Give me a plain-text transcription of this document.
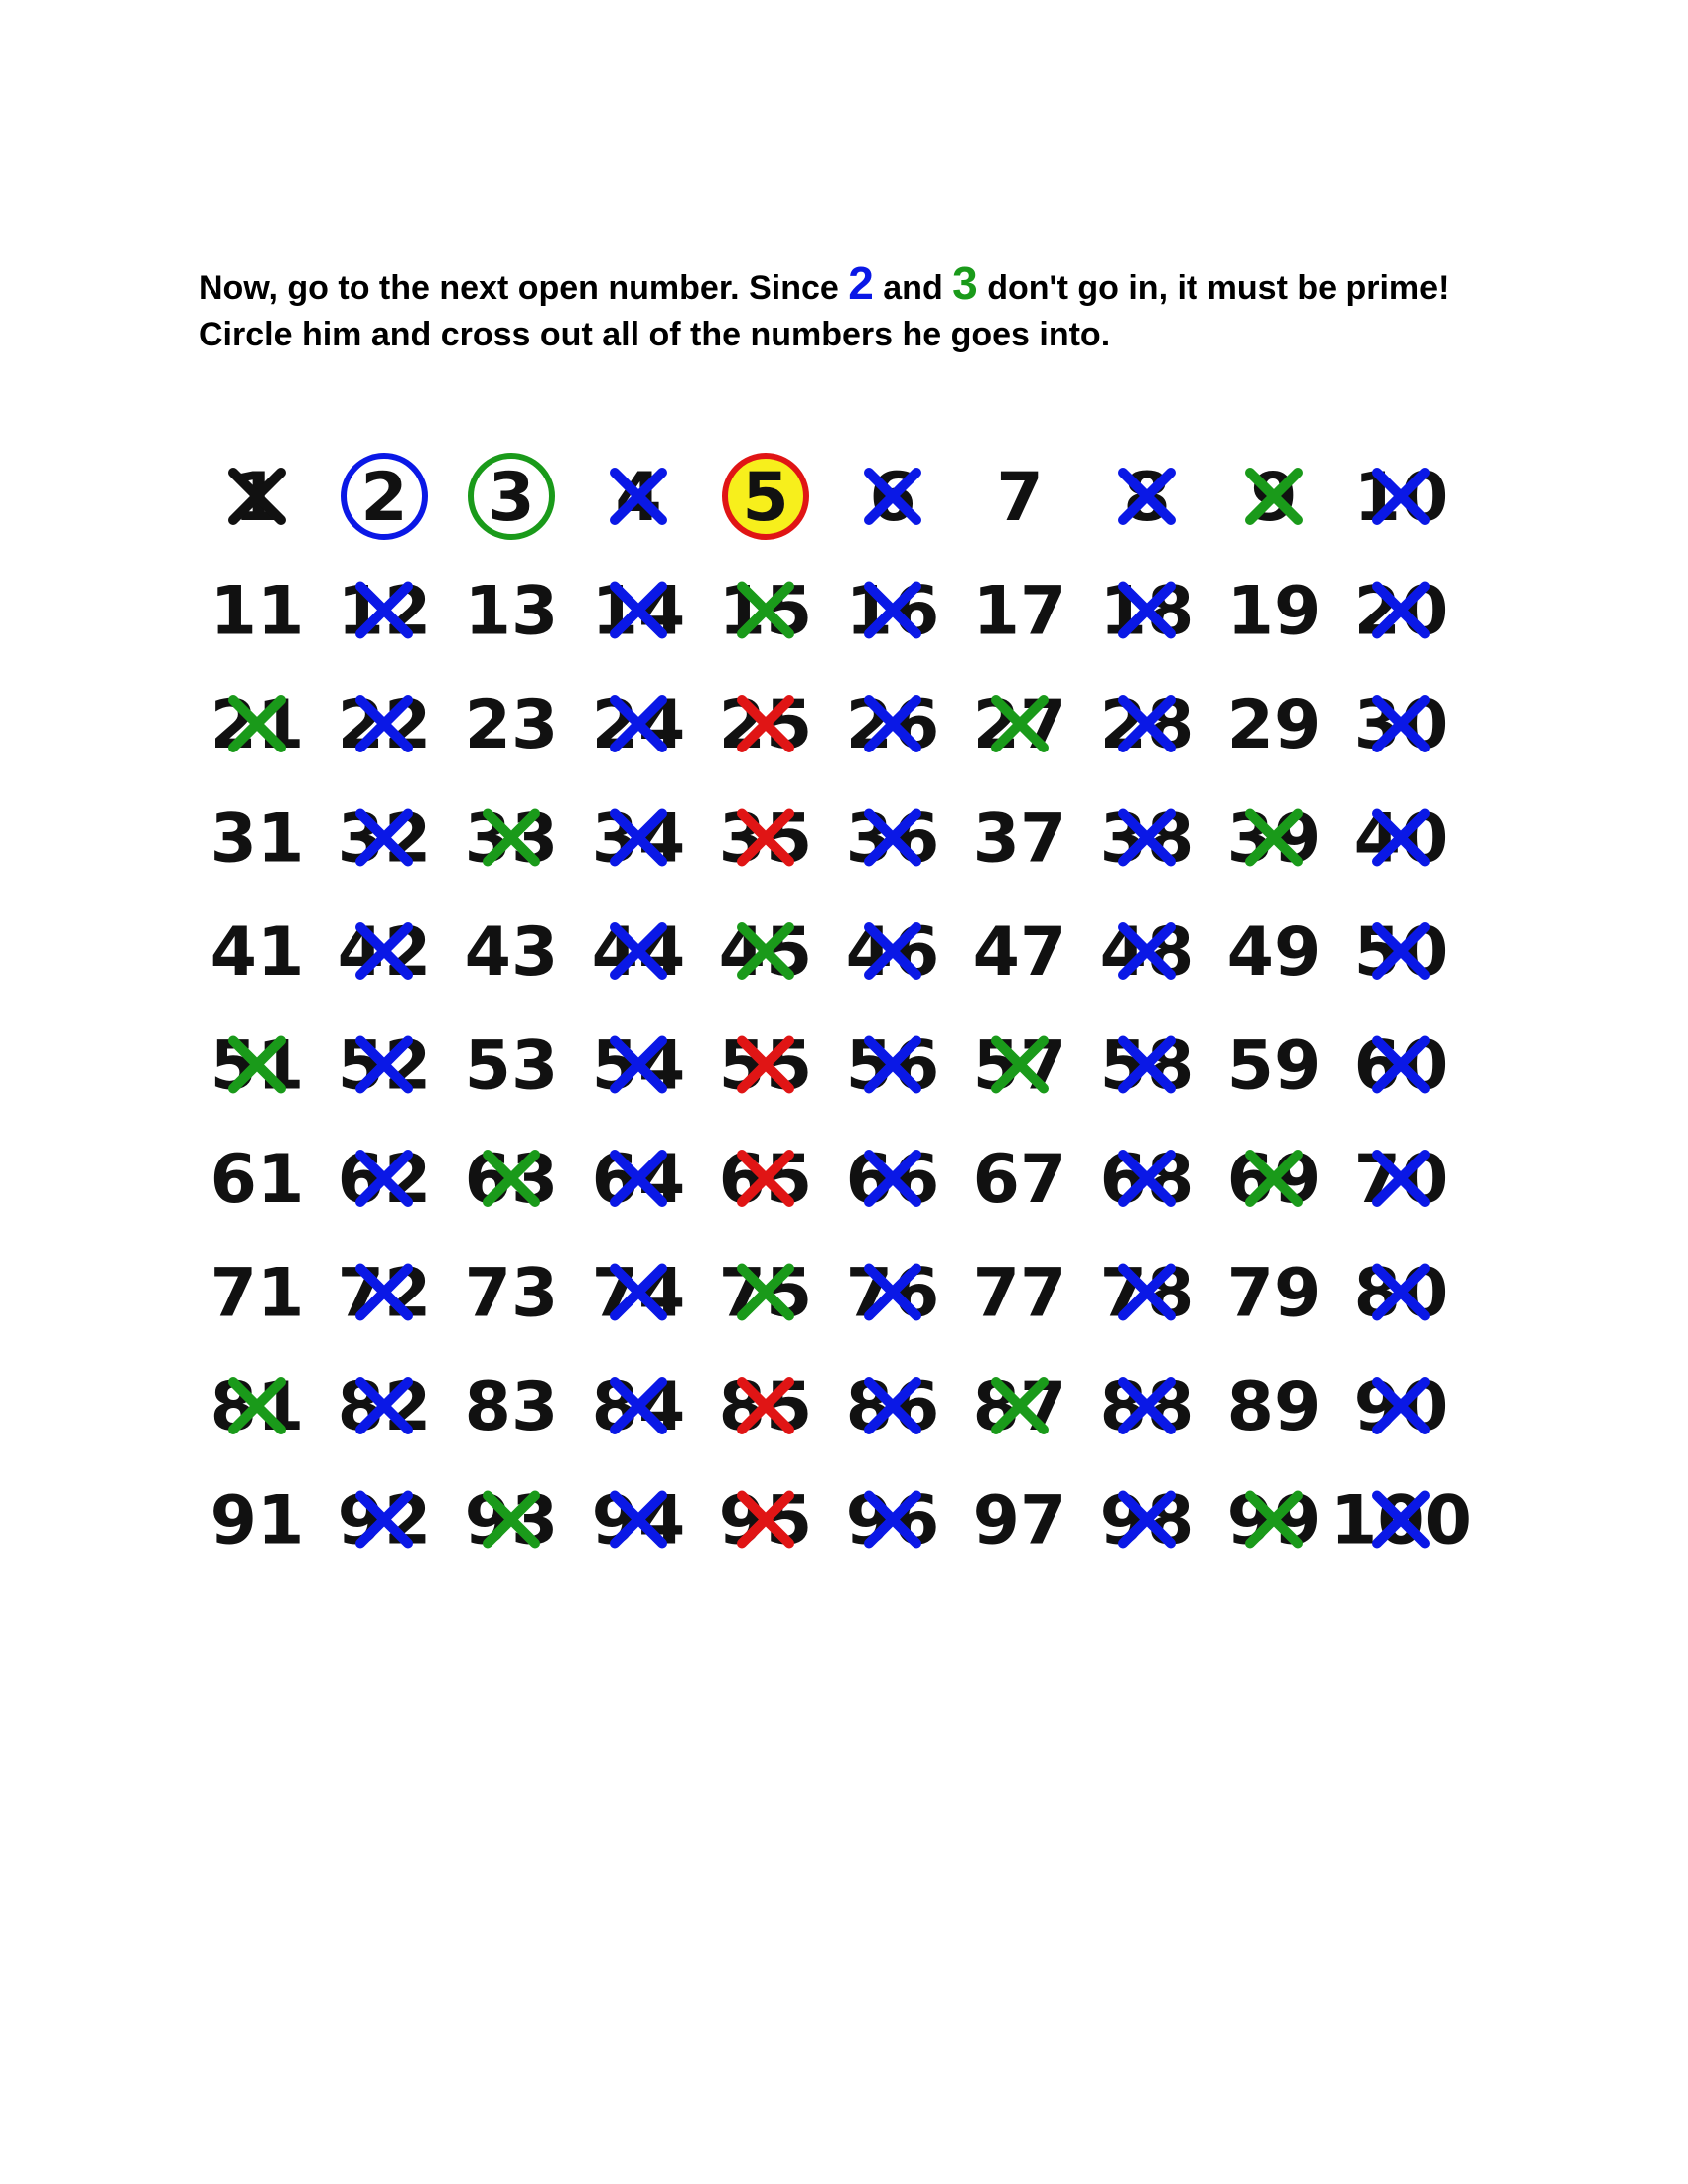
Now, go to the next open number. Since 2 and 3 don't go in, it must be prime! Circle him and cross out all of the numbers he goes into.

1 2 3 4 5 6 7 8 9 10
11 12 13 14 15 16 17 18 19 20
21 22 23 24 25 26 27 28 29 30
31 32 33 34 35 36 37 38 39 40
41 42 43 44 45 46 47 48 49 50
51 52 53 54 55 56 57 58 59 60
61 62 63 64 65 66 67 68 69 70
71 72 73 74 75 76 77 78 79 80
81 82 83 84 85 86 87 88 89 90
91 92 93 94 95 96 97 98 99 100
